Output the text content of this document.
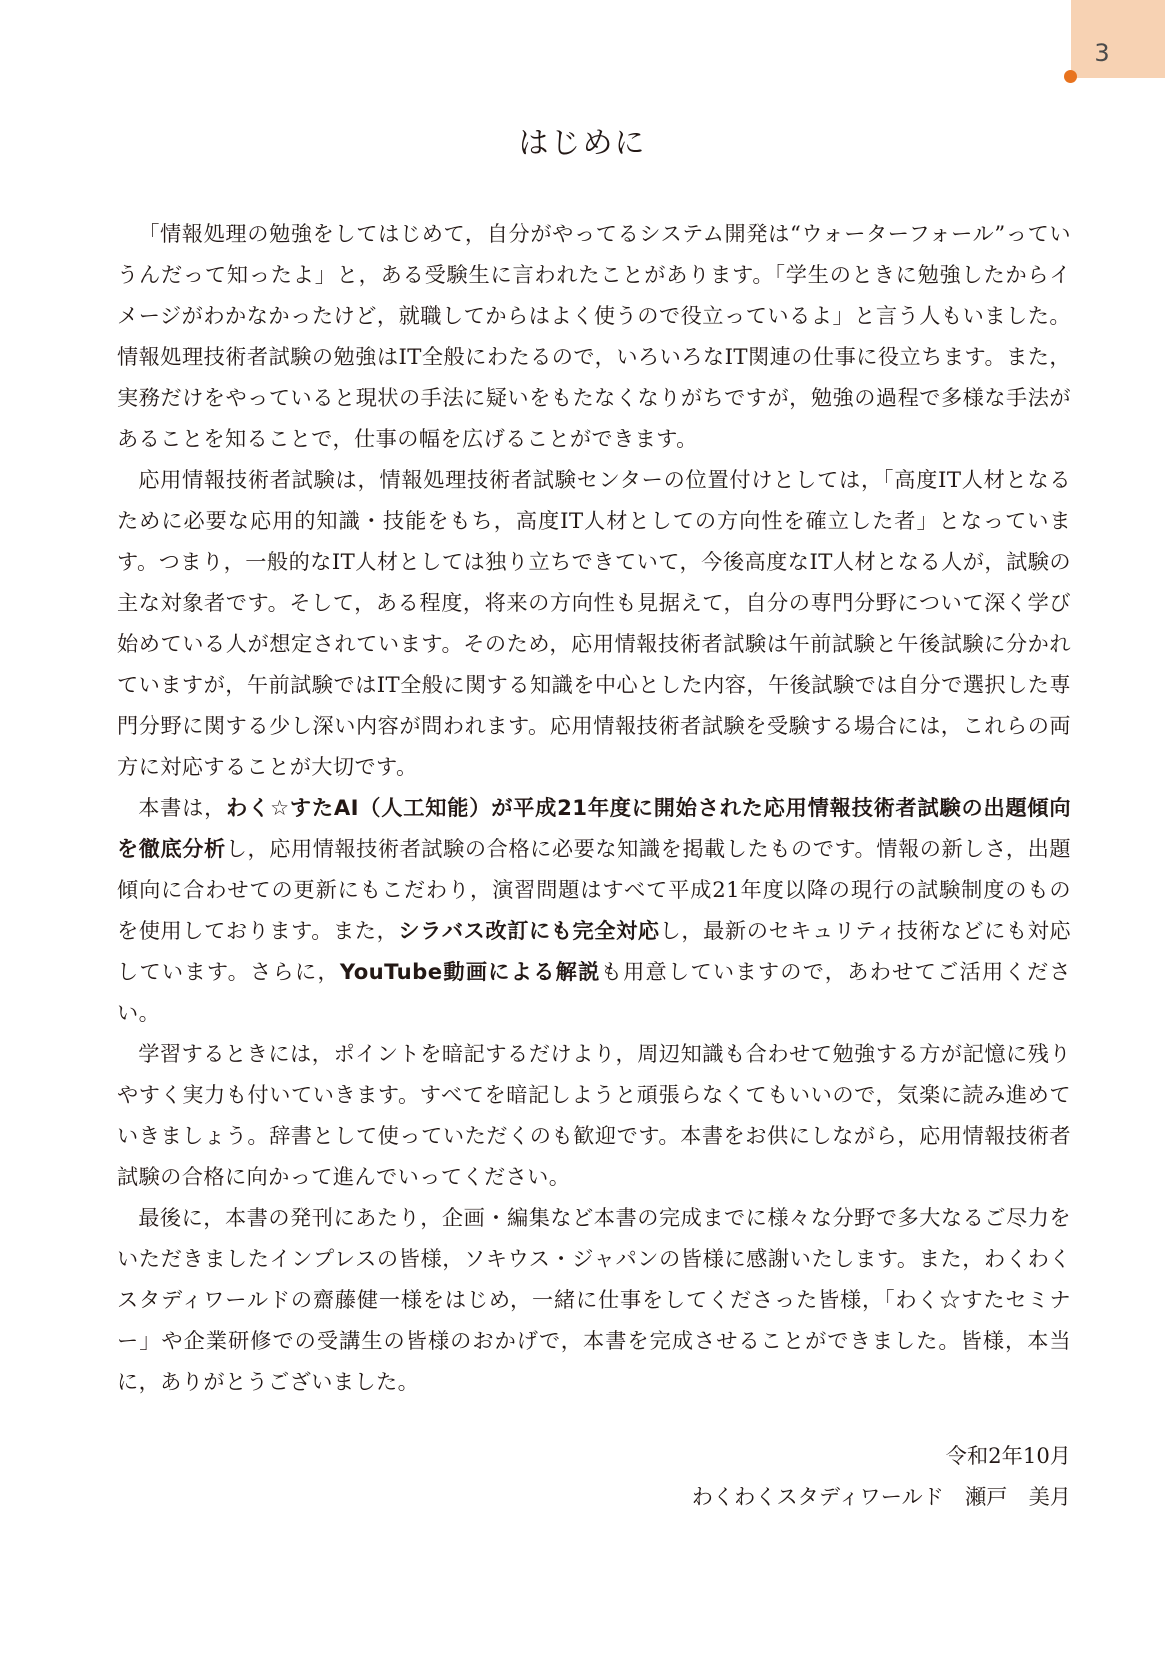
3
はじめに

「情報処理の勉強をしてはじめて，自分がやってるシステム開発は“ウォーターフォール”っていうんだって知ったよ」と，ある受験生に言われたことがあります。「学生のときに勉強したからイメージがわかなかったけど，就職してからはよく使うので役立っているよ」と言う人もいました。情報処理技術者試験の勉強はIT全般にわたるので，いろいろなIT関連の仕事に役立ちます。また，実務だけをやっていると現状の手法に疑いをもたなくなりがちですが，勉強の過程で多様な手法があることを知ることで，仕事の幅を広げることができます。

応用情報技術者試験は，情報処理技術者試験センターの位置付けとしては，「高度IT人材となるために必要な応用的知識・技能をもち，高度IT人材としての方向性を確立した者」となっています。つまり，一般的なIT人材としては独り立ちできていて，今後高度なIT人材となる人が，試験の主な対象者です。そして，ある程度，将来の方向性も見据えて，自分の専門分野について深く学び始めている人が想定されています。そのため，応用情報技術者試験は午前試験と午後試験に分かれていますが，午前試験ではIT全般に関する知識を中心とした内容，午後試験では自分で選択した専門分野に関する少し深い内容が問われます。応用情報技術者試験を受験する場合には，これらの両方に対応することが大切です。

本書は，わく☆すたAI（人工知能）が平成21年度に開始された応用情報技術者試験の出題傾向を徹底分析し，応用情報技術者試験の合格に必要な知識を掲載したものです。情報の新しさ，出題傾向に合わせての更新にもこだわり，演習問題はすべて平成21年度以降の現行の試験制度のものを使用しております。また，シラバス改訂にも完全対応し，最新のセキュリティ技術などにも対応しています。さらに，YouTube動画による解説も用意していますので，あわせてご活用ください。

学習するときには，ポイントを暗記するだけより，周辺知識も合わせて勉強する方が記憶に残りやすく実力も付いていきます。すべてを暗記しようと頑張らなくてもいいので，気楽に読み進めていきましょう。辞書として使っていただくのも歓迎です。本書をお供にしながら，応用情報技術者試験の合格に向かって進んでいってください。

最後に，本書の発刊にあたり，企画・編集など本書の完成までに様々な分野で多大なるご尽力をいただきましたインプレスの皆様，ソキウス・ジャパンの皆様に感謝いたします。また，わくわくスタディワールドの齋藤健一様をはじめ，一緒に仕事をしてくださった皆様，「わく☆すたセミナー」や企業研修での受講生の皆様のおかげで，本書を完成させることができました。皆様，本当に，ありがとうございました。

令和2年10月
わくわくスタディワールド　瀬戸　美月
